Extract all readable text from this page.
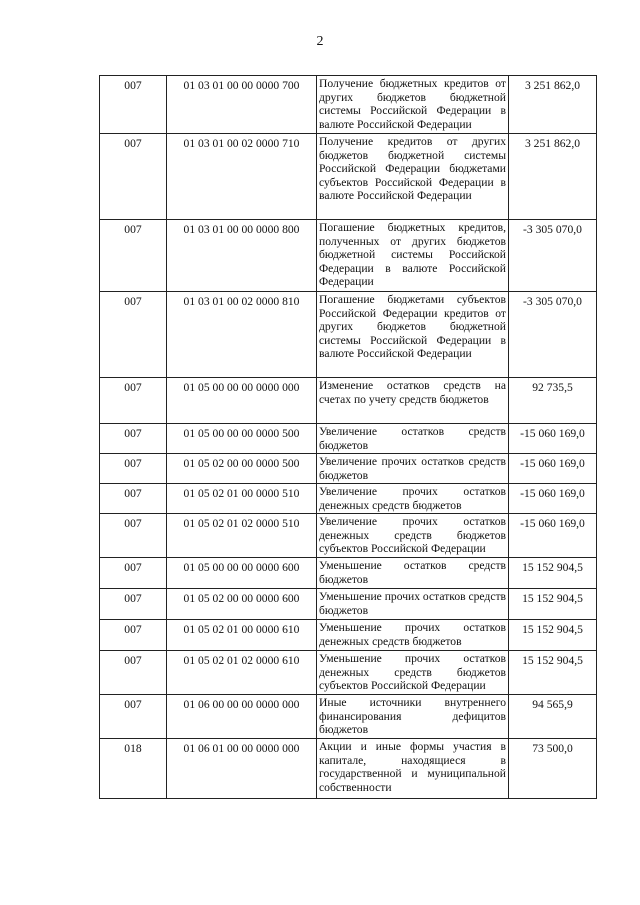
2
007	01 03 01 00 00 0000 700	Получение бюджетных кредитов от других бюджетов бюджетной системы Российской Федерации в валюте Российской Федерации	3 251 862,0
007	01 03 01 00 02 0000 710	Получение кредитов от других бюджетов бюджетной системы Российской Федерации бюджетами субъектов Российской Федерации в валюте Российской Федерации	3 251 862,0
007	01 03 01 00 00 0000 800	Погашение бюджетных кредитов, полученных от других бюджетов бюджетной системы Российской Федерации в валюте Российской Федерации	-3 305 070,0
007	01 03 01 00 02 0000 810	Погашение бюджетами субъектов Российской Федерации кредитов от других бюджетов бюджетной системы Российской Федерации в валюте Российской Федерации	-3 305 070,0
007	01 05 00 00 00 0000 000	Изменение остатков средств на счетах по учету средств бюджетов	92 735,5
007	01 05 00 00 00 0000 500	Увеличение остатков средств бюджетов	-15 060 169,0
007	01 05 02 00 00 0000 500	Увеличение прочих остатков средств бюджетов	-15 060 169,0
007	01 05 02 01 00 0000 510	Увеличение прочих остатков денежных средств бюджетов	-15 060 169,0
007	01 05 02 01 02 0000 510	Увеличение прочих остатков денежных средств бюджетов субъектов Российской Федерации	-15 060 169,0
007	01 05 00 00 00 0000 600	Уменьшение остатков средств бюджетов	15 152 904,5
007	01 05 02 00 00 0000 600	Уменьшение прочих остатков средств бюджетов	15 152 904,5
007	01 05 02 01 00 0000 610	Уменьшение прочих остатков денежных средств бюджетов	15 152 904,5
007	01 05 02 01 02 0000 610	Уменьшение прочих остатков денежных средств бюджетов субъектов Российской Федерации	15 152 904,5
007	01 06 00 00 00 0000 000	Иные источники внутреннего финансирования дефицитов бюджетов	94 565,9
018	01 06 01 00 00 0000 000	Акции и иные формы участия в капитале, находящиеся в государственной и муниципальной собственности	73 500,0
